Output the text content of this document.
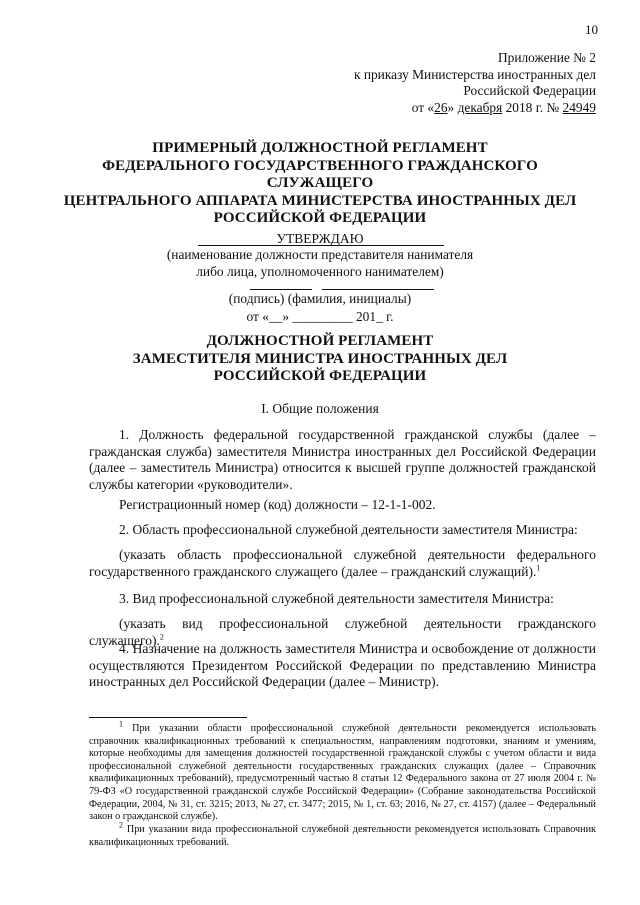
10
Приложение № 2
к приказу Министерства иностранных дел
Российской Федерации
от «26» декабря 2018 г. № 24949
ПРИМЕРНЫЙ ДОЛЖНОСТНОЙ РЕГЛАМЕНТ
ФЕДЕРАЛЬНОГО ГОСУДАРСТВЕННОГО ГРАЖДАНСКОГО СЛУЖАЩЕГО
ЦЕНТРАЛЬНОГО АППАРАТА МИНИСТЕРСТВА ИНОСТРАННЫХ ДЕЛ
РОССИЙСКОЙ ФЕДЕРАЦИИ
УТВЕРЖДАЮ
(наименование должности представителя нанимателя
либо лица, уполномоченного нанимателем)
(подпись) (фамилия, инициалы)
от «__» _________ 201_ г.
ДОЛЖНОСТНОЙ РЕГЛАМЕНТ
ЗАМЕСТИТЕЛЯ МИНИСТРА ИНОСТРАННЫХ ДЕЛ
РОССИЙСКОЙ ФЕДЕРАЦИИ
I. Общие положения
1. Должность федеральной государственной гражданской службы (далее – гражданская служба) заместителя Министра иностранных дел Российской Федерации (далее – заместитель Министра) относится к высшей группе должностей гражданской службы категории «руководители».
Регистрационный номер (код) должности – 12-1-1-002.
2. Область профессиональной служебной деятельности заместителя Министра:
(указать область профессиональной служебной деятельности федерального государственного гражданского служащего (далее – гражданский служащий).$^1$
3. Вид профессиональной служебной деятельности заместителя Министра:
(указать вид профессиональной служебной деятельности гражданского служащего).$^2$
4. Назначение на должность заместителя Министра и освобождение от должности осуществляются Президентом Российской Федерации по представлению Министра иностранных дел Российской Федерации (далее – Министр).
$^1$ При указании области профессиональной служебной деятельности рекомендуется использовать справочник квалификационных требований к специальностям, направлениям подготовки, знаниям и умениям, которые необходимы для замещения должностей государственной гражданской службы с учетом области и вида профессиональной служебной деятельности государственных гражданских служащих (далее – Справочник квалификационных требований), предусмотренный частью 8 статьи 12 Федерального закона от 27 июля 2004 г. № 79-ФЗ «О государственной гражданской службе Российской Федерации» (Собрание законодательства Российской Федерации, 2004, № 31, ст. 3215; 2013, № 27, ст. 3477; 2015, № 1, ст. 63; 2016, № 27, ст. 4157) (далее – Федеральный закон о гражданской службе).
$^2$ При указании вида профессиональной служебной деятельности рекомендуется использовать Справочник квалификационных требований.
